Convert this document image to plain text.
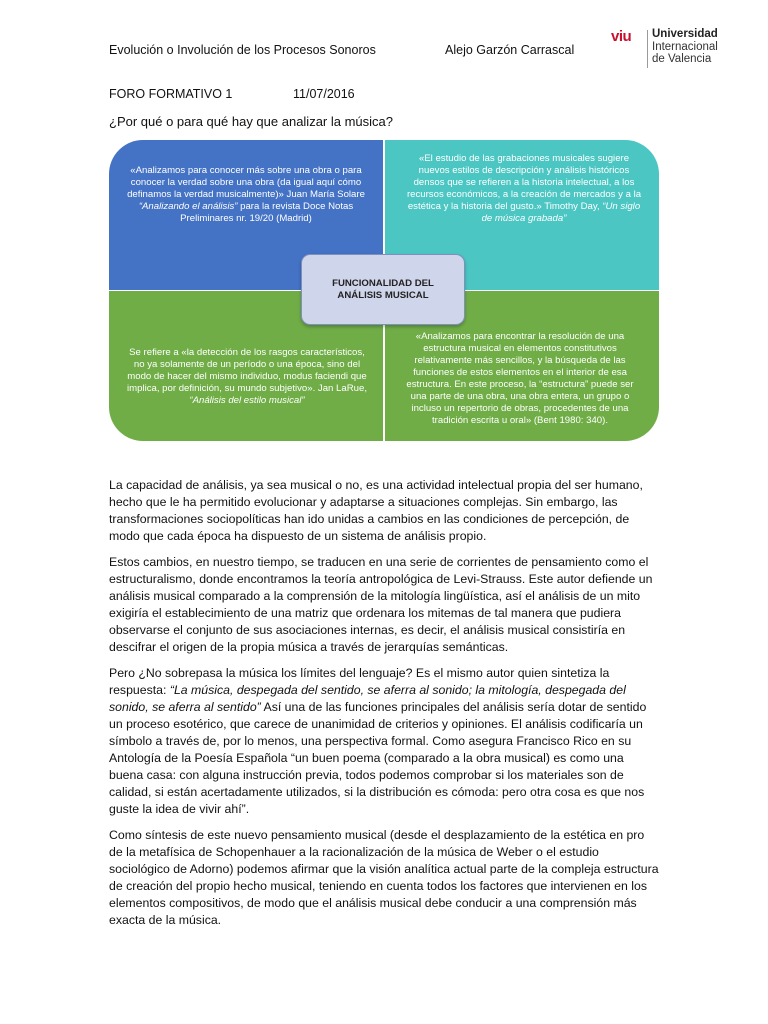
Evolución o Involución de los Procesos Sonoros	Alejo Garzón Carrascal
viu Universidad
Internacional
de Valencia
FORO FORMATIVO 1	11/07/2016
¿Por qué o para qué hay que analizar la música?
«Analizamos para conocer más sobre una obra o para conocer la verdad sobre una obra (da igual aquí cómo definamos la verdad musicalmente)» Juan María Solare “Analizando el análisis” para la revista Doce Notas Preliminares nr. 19/20 (Madrid)
«El estudio de las grabaciones musicales sugiere nuevos estilos de descripción y análisis históricos densos que se refieren a la historia intelectual, a los recursos económicos, a la creación de mercados y a la estética y la historia del gusto.» Timothy Day, “Un siglo de música grabada”
Se refiere a «la detección de los rasgos característicos, no ya solamente de un período o una época, sino del modo de hacer del mismo individuo, modus faciendi que implica, por definición, su mundo subjetivo». Jan LaRue, “Análisis del estilo musical”
«Analizamos para encontrar la resolución de una estructura musical en elementos constitutivos relativamente más sencillos, y la búsqueda de las funciones de estos elementos en el interior de esa estructura. En este proceso, la “estructura” puede ser una parte de una obra, una obra entera, un grupo o incluso un repertorio de obras, procedentes de una tradición escrita u oral» (Bent 1980: 340).
FUNCIONALIDAD DEL ANÁLISIS MUSICAL

La capacidad de análisis, ya sea musical o no, es una actividad intelectual propia del ser humano, hecho que le ha permitido evolucionar y adaptarse a situaciones complejas. Sin embargo, las transformaciones sociopolíticas han ido unidas a cambios en las condiciones de percepción, de modo que cada época ha dispuesto de un sistema de análisis propio.

Estos cambios, en nuestro tiempo, se traducen en una serie de corrientes de pensamiento como el estructuralismo, donde encontramos la teoría antropológica de Levi-Strauss. Este autor defiende un análisis musical comparado a la comprensión de la mitología lingüística, así el análisis de un mito exigiría el establecimiento de una matriz que ordenara los mitemas de tal manera que pudiera observarse el conjunto de sus asociaciones internas, es decir, el análisis musical consistiría en descifrar el origen de la propia música a través de jerarquías semánticas.

Pero ¿No sobrepasa la música los límites del lenguaje? Es el mismo autor quien sintetiza la respuesta: “La música, despegada del sentido, se aferra al sonido; la mitología, despegada del sonido, se aferra al sentido” Así una de las funciones principales del análisis sería dotar de sentido un proceso esotérico, que carece de unanimidad de criterios y opiniones. El análisis codificaría un símbolo a través de, por lo menos, una perspectiva formal. Como asegura Francisco Rico en su Antología de la Poesía Española “un buen poema (comparado a la obra musical) es como una buena casa: con alguna instrucción previa, todos podemos comprobar si los materiales son de calidad, si están acertadamente utilizados, si la distribución es cómoda: pero otra cosa es que nos guste la idea de vivir ahí”.

Como síntesis de este nuevo pensamiento musical (desde el desplazamiento de la estética en pro de la metafísica de Schopenhauer a la racionalización de la música de Weber o el estudio sociológico de Adorno) podemos afirmar que la visión analítica actual parte de la compleja estructura de creación del propio hecho musical, teniendo en cuenta todos los factores que intervienen en los elementos compositivos, de modo que el análisis musical debe conducir a una comprensión más exacta de la música.
